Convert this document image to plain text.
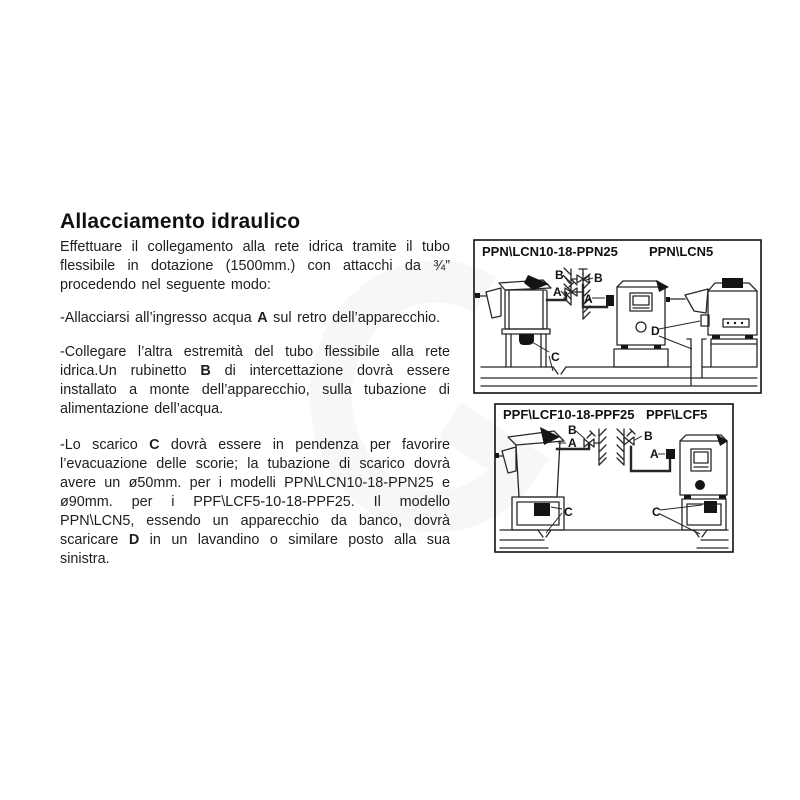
Allacciamento idraulico

Effettuare il collegamento alla rete idrica tramite il tubo flessibile in dotazione (1500mm.) con attacchi da ¾” procedendo nel seguente modo:

-Allacciarsi all’ingresso acqua A sul retro dell’apparecchio.

-Collegare l’altra estremità del tubo flessibile alla rete idrica.Un rubinetto B di intercettazione dovrà essere installato a monte dell’apparecchio, sulla tubazione di alimentazione dell’acqua.

-Lo scarico C dovrà essere in pendenza per favorire l’evacuazione delle scorie; la tubazione di scarico dovrà avere un ø50mm. per i modelli PPN\LCN10-18-PPN25 e ø90mm. per i PPF\LCF5-10-18-PPF25. Il modello PPN\LCN5, essendo un apparecchio da banco, dovrà scaricare D in un lavandino o similare posto alla sua sinistra.

PPN\LCN10-18-PPN25 PPN\LCN5
B
A
C
B
A
D
PPF\LCF10-18-PPF25 PPF\LCF5
B
A
C
B
A
C
